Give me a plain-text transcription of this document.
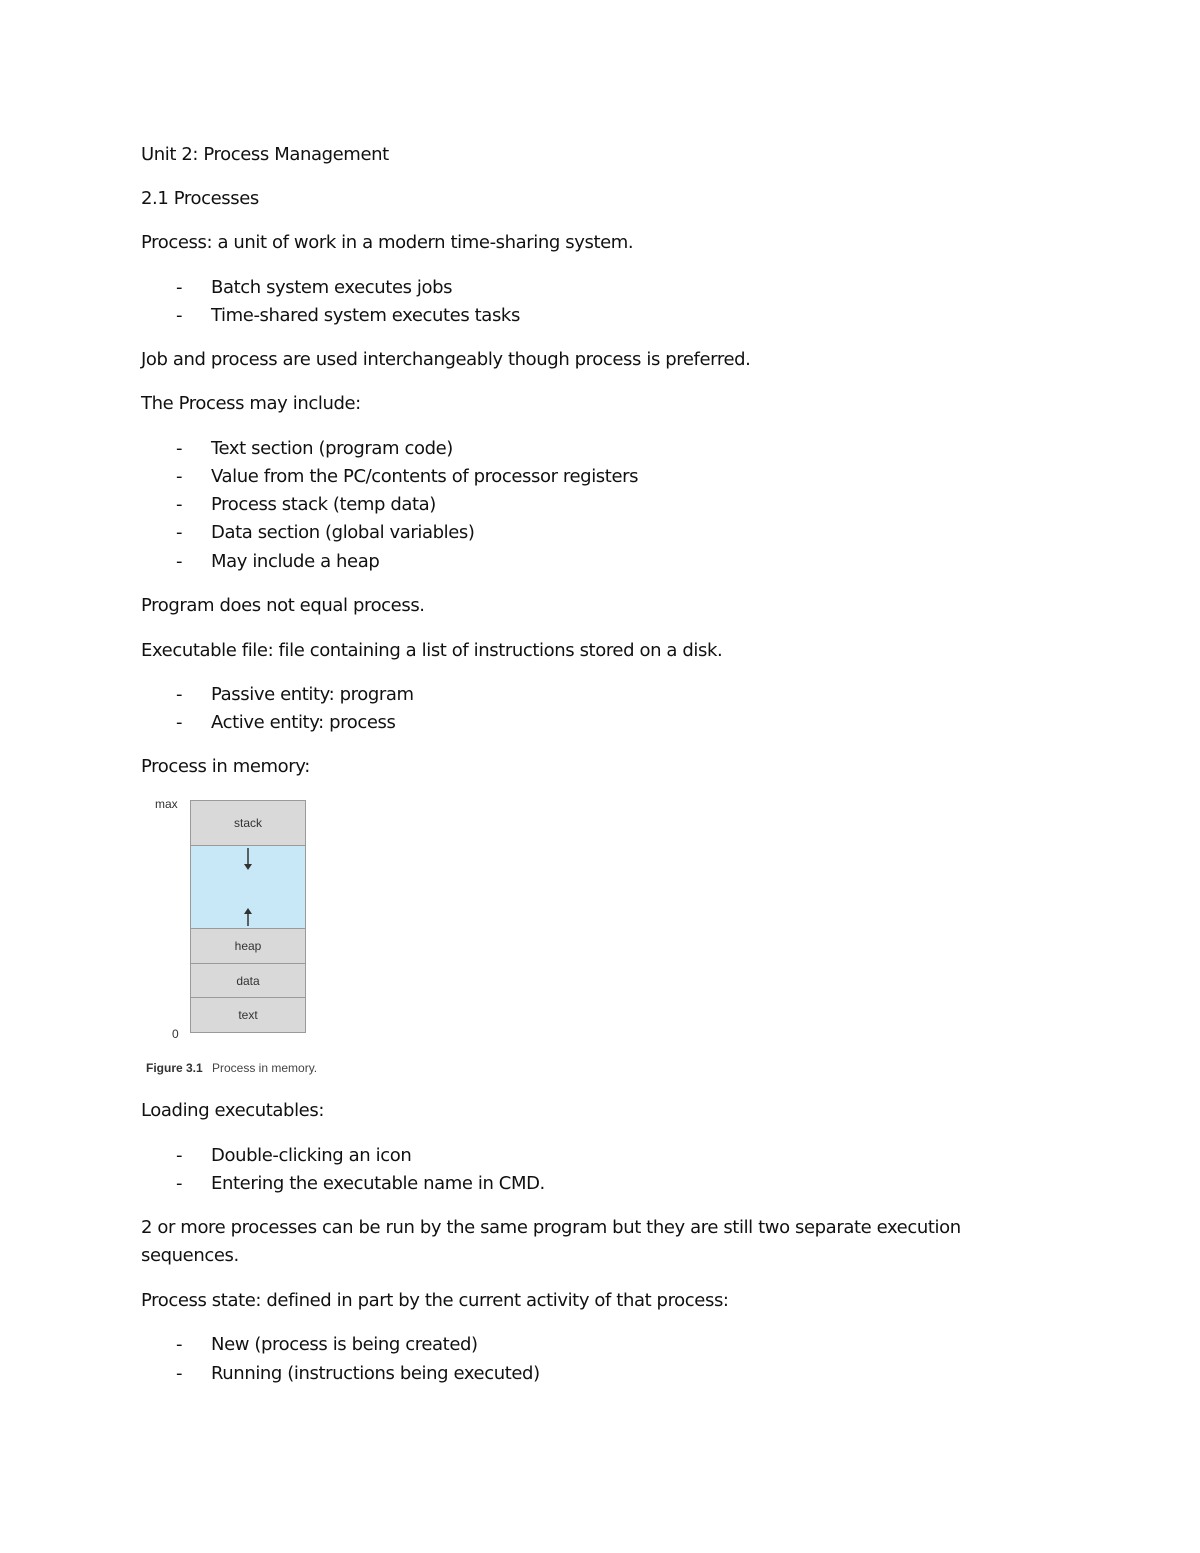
Unit 2: Process Management
2.1 Processes
Process: a unit of work in a modern time-sharing system.
- Batch system executes jobs
- Time-shared system executes tasks
Job and process are used interchangeably though process is preferred.
The Process may include:
- Text section (program code)
- Value from the PC/contents of processor registers
- Process stack (temp data)
- Data section (global variables)
- May include a heap
Program does not equal process.
Executable file: file containing a list of instructions stored on a disk.
- Passive entity: program
- Active entity: process
Process in memory:
max
0
stack
heap
data
text
Figure 3.1 Process in memory.
Loading executables:
- Double-clicking an icon
- Entering the executable name in CMD.
2 or more processes can be run by the same program but they are still two separate execution
sequences.
Process state: defined in part by the current activity of that process:
- New (process is being created)
- Running (instructions being executed)
